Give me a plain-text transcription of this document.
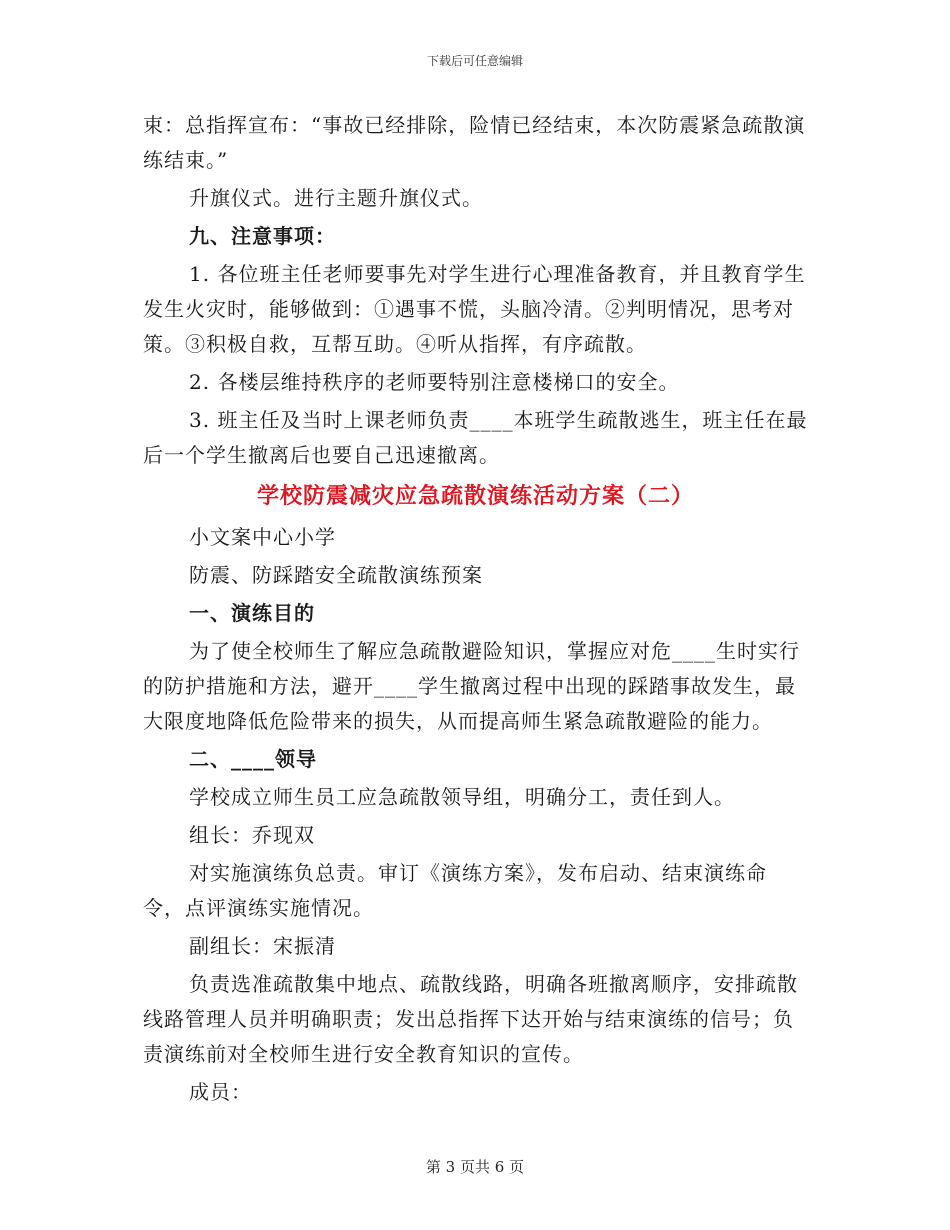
下载后可任意编辑

束：总指挥宣布：“事故已经排除，险情已经结束，本次防震紧急疏散演练结束。”

升旗仪式。进行主题升旗仪式。

九、注意事项：

1. 各位班主任老师要事先对学生进行心理准备教育，并且教育学生发生火灾时，能够做到：①遇事不慌，头脑冷清。②判明情况，思考对策。③积极自救，互帮互助。④听从指挥，有序疏散。

2. 各楼层维持秩序的老师要特别注意楼梯口的安全。

3. 班主任及当时上课老师负责____本班学生疏散逃生，班主任在最后一个学生撤离后也要自己迅速撤离。

学校防震减灾应急疏散演练活动方案（二）

小文案中心小学

防震、防踩踏安全疏散演练预案

一、演练目的

为了使全校师生了解应急疏散避险知识，掌握应对危____生时实行的防护措施和方法，避开____学生撤离过程中出现的踩踏事故发生，最大限度地降低危险带来的损失，从而提高师生紧急疏散避险的能力。

二、____领导

学校成立师生员工应急疏散领导组，明确分工，责任到人。

组长：乔现双

对实施演练负总责。审订《演练方案》，发布启动、结束演练命令，点评演练实施情况。

副组长：宋振清

负责选准疏散集中地点、疏散线路，明确各班撤离顺序，安排疏散线路管理人员并明确职责；发出总指挥下达开始与结束演练的信号；负责演练前对全校师生进行安全教育知识的宣传。

成员：

第 3 页共 6 页
